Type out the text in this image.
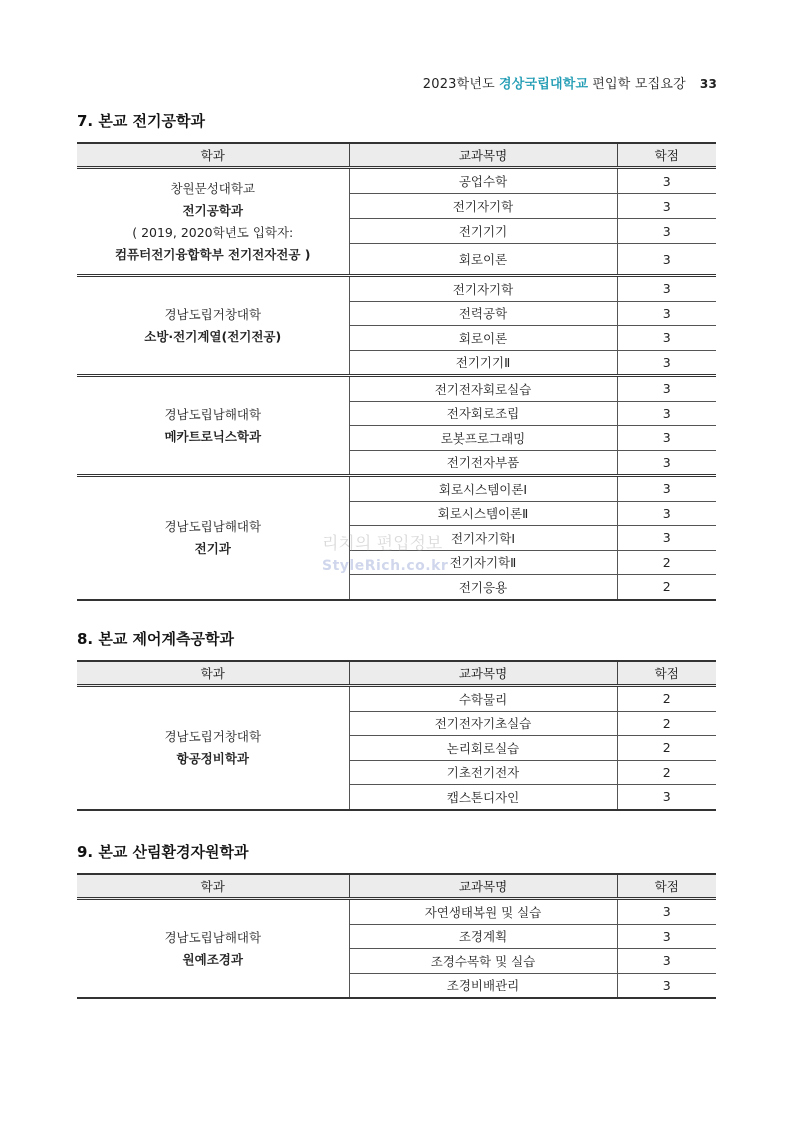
2023학년도 경상국립대학교 편입학 모집요강 33
7. 본교 전기공학과
학과	교과목명	학점

창원문성대학교
전기공학과
( 2019, 2020학년도 입학자:
컴퓨터전기융합학부 전기전자전공 )	공업수학	3
	전기자기학	3
	전기기기	3
	회로이론	3

경남도립거창대학
소방·전기계열(전기전공)	전기자기학	3
	전력공학	3
	회로이론	3
	전기기기Ⅱ	3

경남도립남해대학
메카트로닉스학과	전기전자회로실습	3
	전자회로조립	3
	로봇프로그래밍	3
	전기전자부품	3

경남도립남해대학
전기과	회로시스템이론Ⅰ	3
	회로시스템이론Ⅱ	3
	전기자기학Ⅰ	3
	전기자기학Ⅱ	2
	전기응용	2
8. 본교 제어계측공학과
학과	교과목명	학점

경남도립거창대학
항공정비학과	수학물리	2
	전기전자기초실습	2
	논리회로실습	2
	기초전기전자	2
	캡스톤디자인	3
9. 본교 산림환경자원학과
학과	교과목명	학점

경남도립남해대학
원예조경과	자연생태복원 및 실습	3
	조경계획	3
	조경수목학 및 실습	3
	조경비배관리	3
리치의 편입정보
StyleRich.co.kr
